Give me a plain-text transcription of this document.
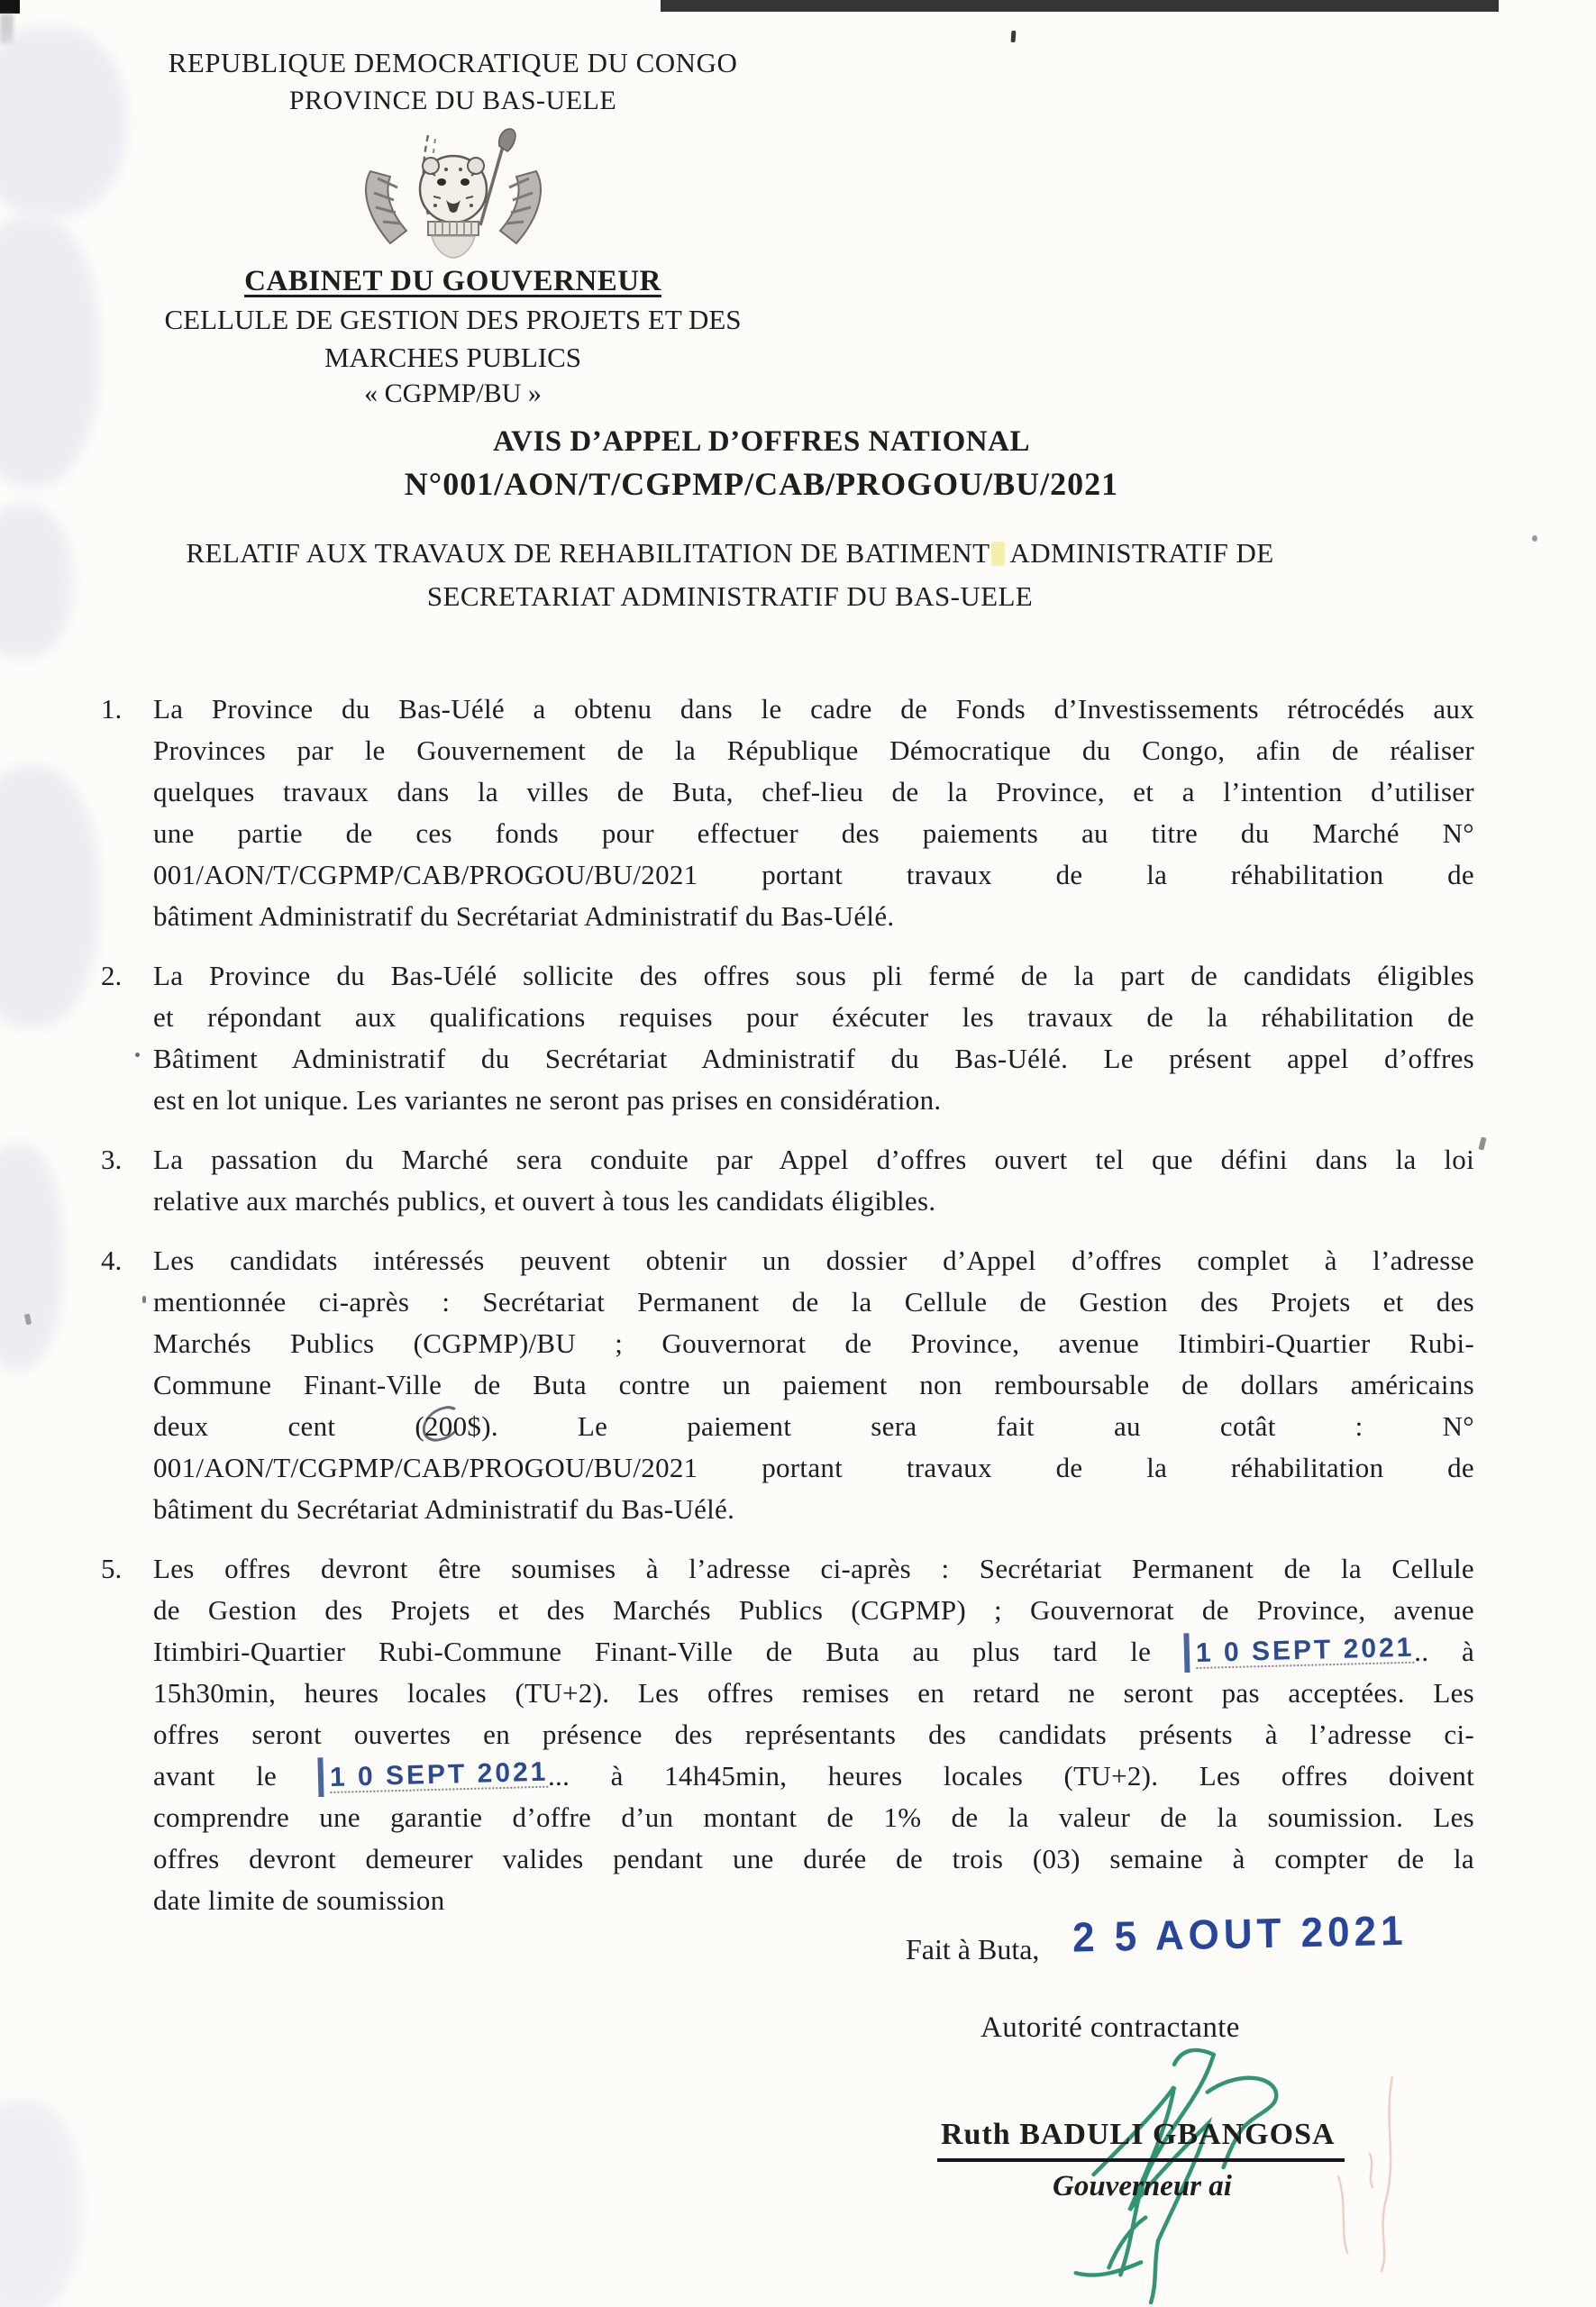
REPUBLIQUE DEMOCRATIQUE DU CONGO
PROVINCE DU BAS-UELE
CABINET DU GOUVERNEUR
CELLULE DE GESTION DES PROJETS ET DES
MARCHES PUBLICS
« CGPMP/BU »
AVIS D’APPEL D’OFFRES NATIONAL
N°001/AON/T/CGPMP/CAB/PROGOU/BU/2021
RELATIF AUX TRAVAUX DE REHABILITATION DE BATIMENT ADMINISTRATIF DE
SECRETARIAT ADMINISTRATIF DU BAS-UELE
1.	La Province du Bas-Uélé a obtenu dans le cadre de Fonds d’Investissements rétrocédés aux
Provinces par le Gouvernement de la République Démocratique du Congo, afin de réaliser
quelques travaux dans la villes de Buta, chef-lieu de la Province, et a l’intention d’utiliser
une partie de ces fonds pour effectuer des paiements au titre du Marché N°
001/AON/T/CGPMP/CAB/PROGOU/BU/2021 portant travaux de la réhabilitation de
bâtiment Administratif du Secrétariat Administratif du Bas-Uélé.
2.	La Province du Bas-Uélé sollicite des offres sous pli fermé de la part de candidats éligibles
et répondant aux qualifications requises pour éxécuter les travaux de la réhabilitation de
Bâtiment Administratif du Secrétariat Administratif du Bas-Uélé. Le présent appel d’offres
est en lot unique. Les variantes ne seront pas prises en considération.
3.	La passation du Marché sera conduite par Appel d’offres ouvert tel que défini dans la loi
relative aux marchés publics, et ouvert à tous les candidats éligibles.
4.	Les candidats intéressés peuvent obtenir un dossier d’Appel d’offres complet à l’adresse
mentionnée ci-après : Secrétariat Permanent de la Cellule de Gestion des Projets et des
Marchés Publics (CGPMP)/BU ; Gouvernorat de Province, avenue Itimbiri-Quartier Rubi-
Commune Finant-Ville de Buta contre un paiement non remboursable de dollars américains
deux cent (200$). Le paiement sera fait au cotât : N°
001/AON/T/CGPMP/CAB/PROGOU/BU/2021 portant travaux de la réhabilitation de
bâtiment du Secrétariat Administratif du Bas-Uélé.
5.	Les offres devront être soumises à l’adresse ci-après : Secrétariat Permanent de la Cellule
de Gestion des Projets et des Marchés Publics (CGPMP) ; Gouvernorat de Province, avenue
Itimbiri-Quartier Rubi-Commune Finant-Ville de Buta au plus tard le 1 0 SEPT 2021.. à
15h30min, heures locales (TU+2). Les offres remises en retard ne seront pas acceptées. Les
offres seront ouvertes en présence des représentants des candidats présents à l’adresse ci-
avant le 1 0 SEPT 2021... à 14h45min, heures locales (TU+2). Les offres doivent
comprendre une garantie d’offre d’un montant de 1% de la valeur de la soumission. Les
offres devront demeurer valides pendant une durée de trois (03) semaine à compter de la
date limite de soumission
Fait à Buta, 2 5 AOUT 2021
Autorité contractante
Ruth BADULI GBANGOSA
Gouverneur ai
